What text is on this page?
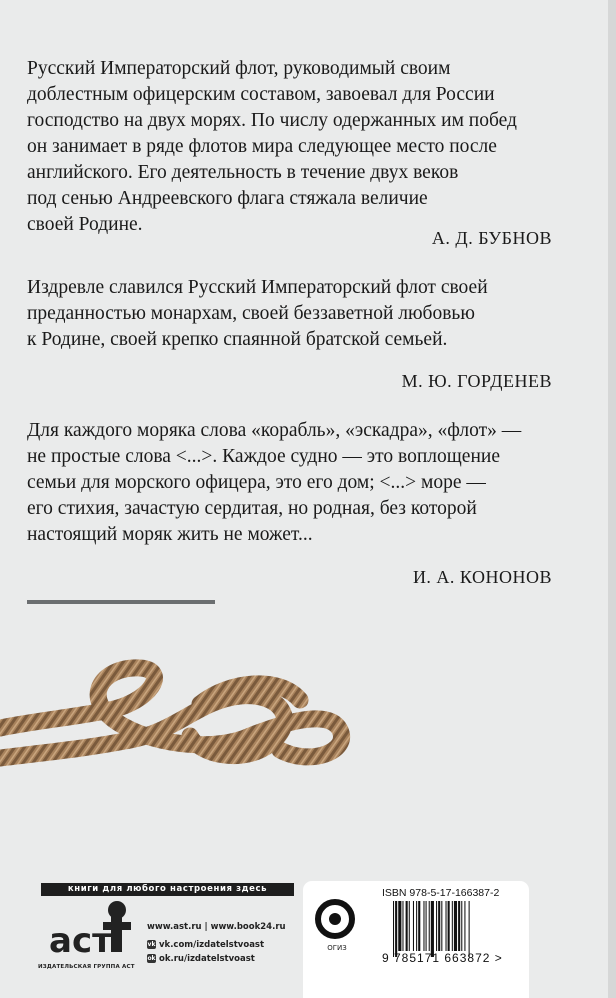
Русский Императорский флот, руководимый своим

доблестным офицерским составом, завоевал для России

господство на двух морях. По числу одержанных им побед

он занимает в ряде флотов мира следующее место после

английского. Его деятельность в течение двух веков

под сенью Андреевского флага стяжала величие

своей Родине.

А. Д. БУБНОВ

Издревле славился Русский Императорский флот своей

преданностью монархам, своей беззаветной любовью

к Родине, своей крепко спаянной братской семьей.

М. Ю. ГОРДЕНЕВ

Для каждого моряка слова «корабль», «эскадра», «флот» —

не простые слова <...>. Каждое судно — это воплощение

семьи для морского офицера, это его дом; <...> море —

его стихия, зачастую сердитая, но родная, без которой

настоящий моряк жить не может...

И. А. КОНОНОВ
книги для любого настроения здесь
аст
ИЗДАТЕЛЬСКАЯ ГРУППА АСТ
www.ast.ru | www.book24.ru
vk vk.com/izdatelstvoast
ok ok.ru/izdatelstvoast
ОГИЗ
ISBN 978-5-17-166387-2
9 785171 663872 >
